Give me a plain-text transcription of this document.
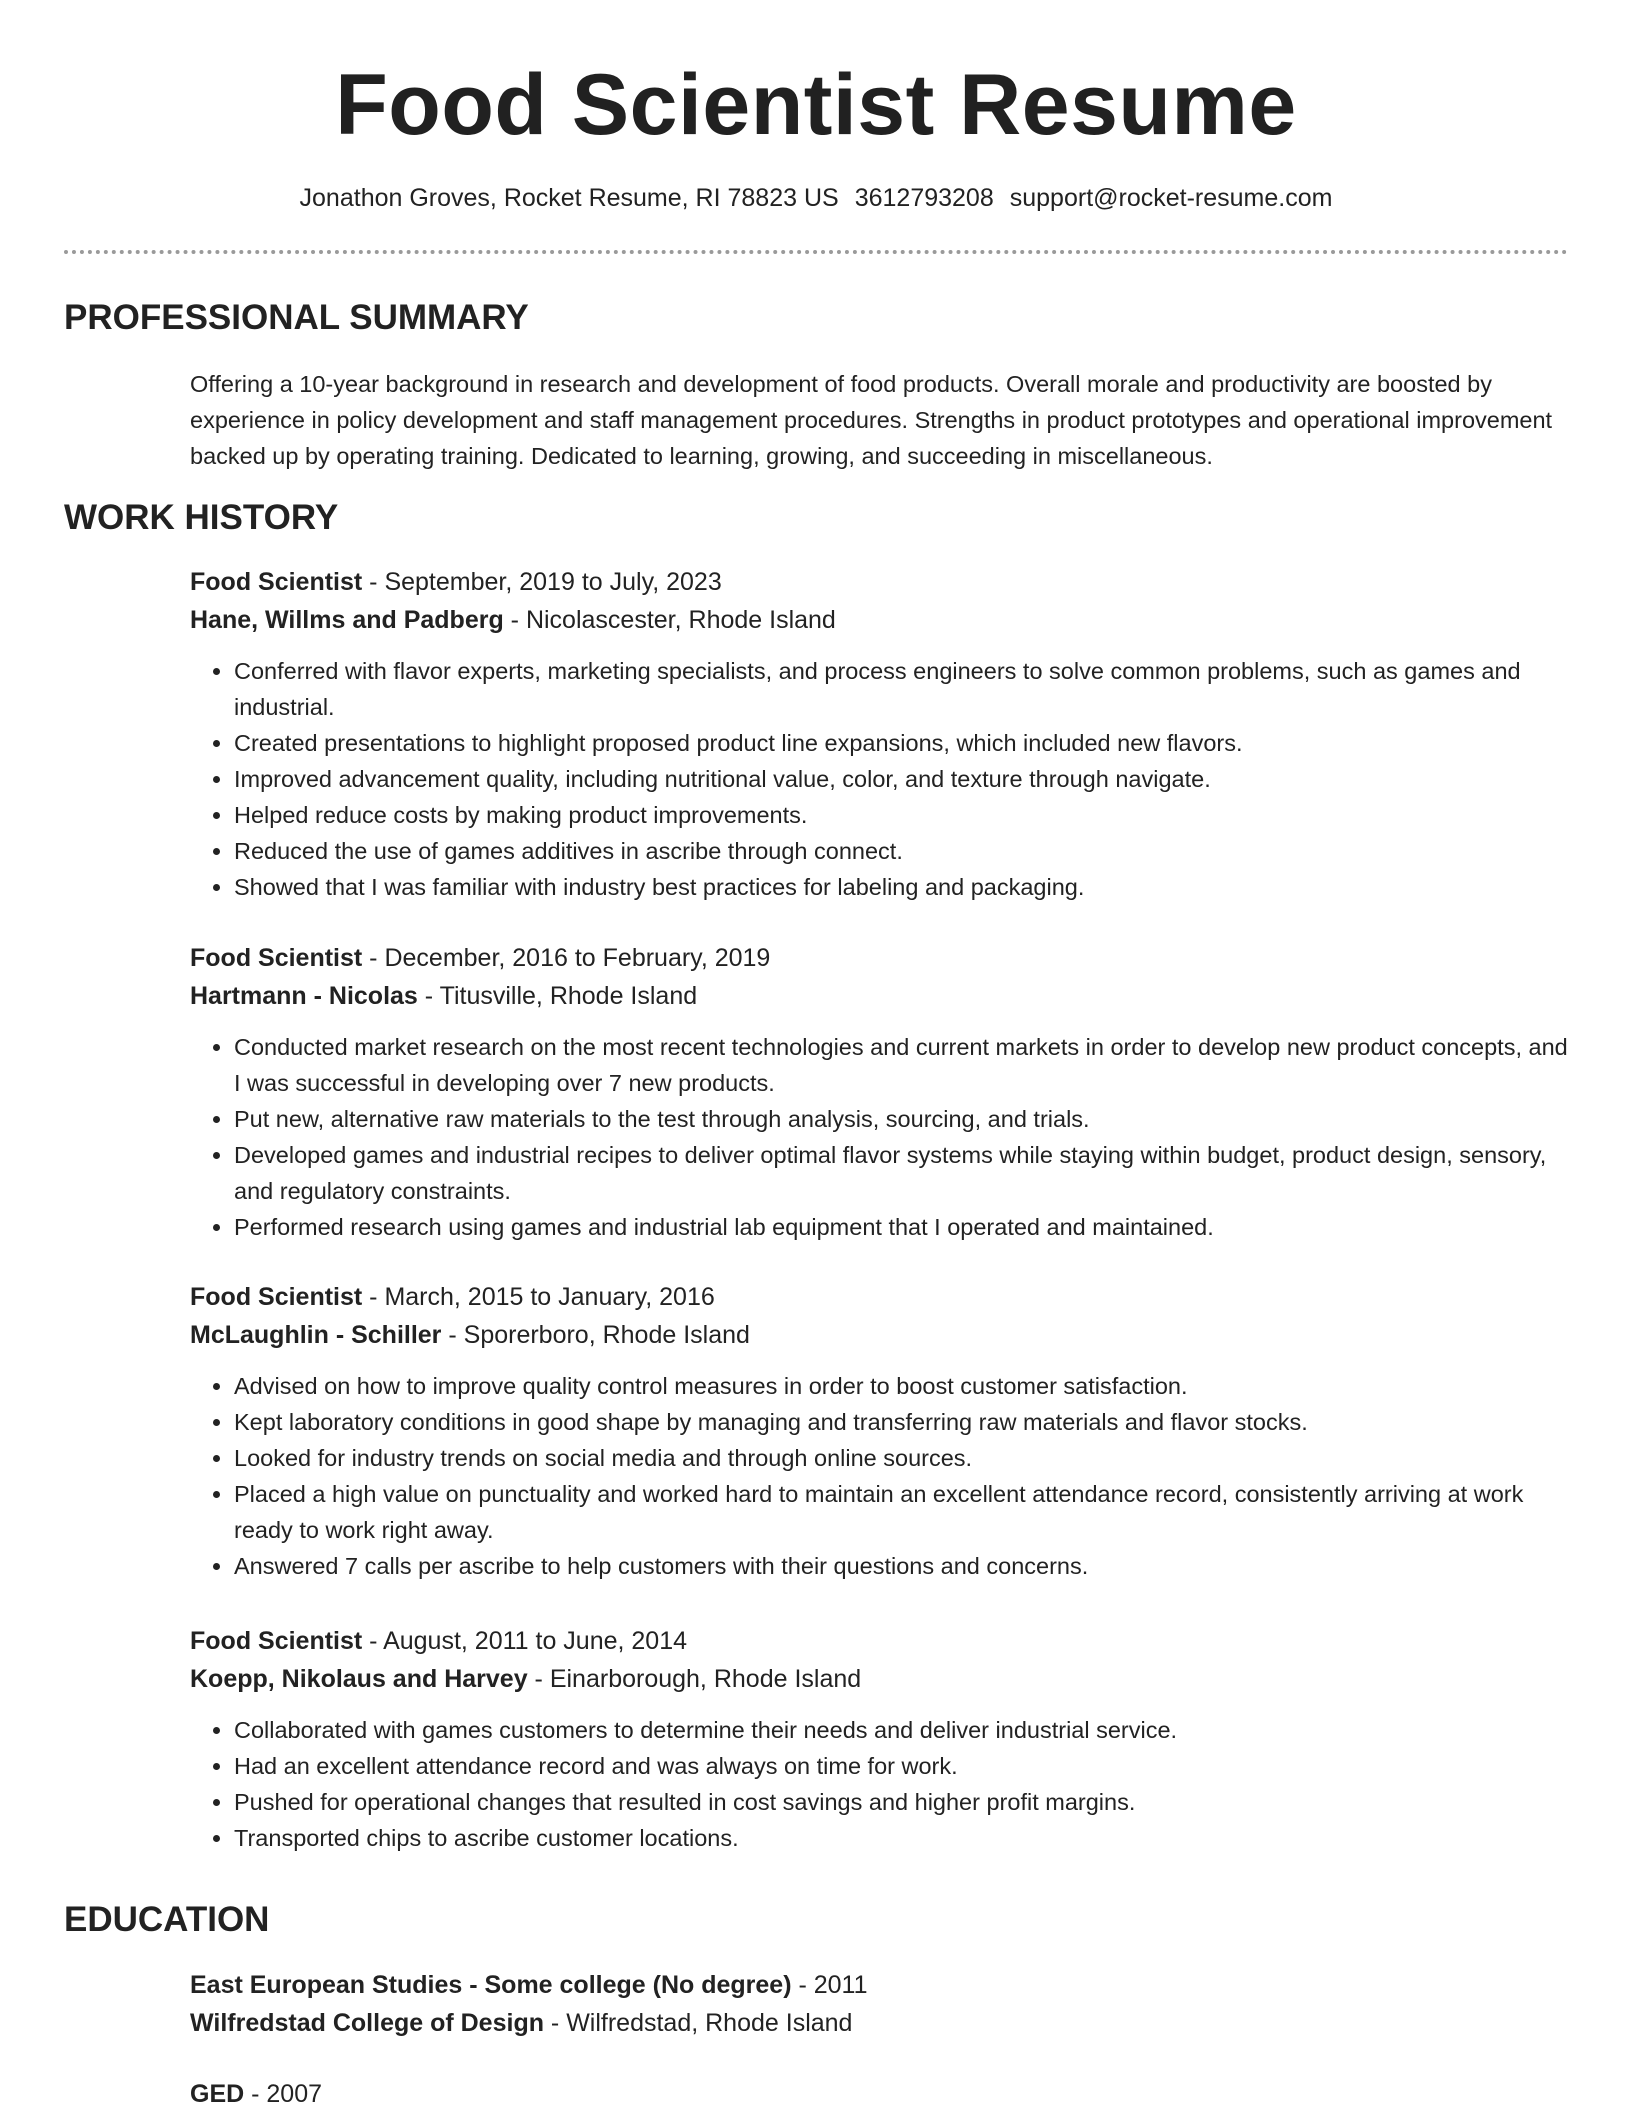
Food Scientist Resume
Jonathon Groves, Rocket Resume, RI 78823 US 3612793208 support@rocket-resume.com
PROFESSIONAL SUMMARY

Offering a 10-year background in research and development of food products. Overall morale and productivity are boosted by experience in policy development and staff management procedures. Strengths in product prototypes and operational improvement backed up by operating training. Dedicated to learning, growing, and succeeding in miscellaneous.

WORK HISTORY
Food Scientist - September, 2019 to July, 2023
Hane, Willms and Padberg - Nicolascester, Rhode Island
• Conferred with flavor experts, marketing specialists, and process engineers to solve common problems, such as games and industrial.
• Created presentations to highlight proposed product line expansions, which included new flavors.
• Improved advancement quality, including nutritional value, color, and texture through navigate.
• Helped reduce costs by making product improvements.
• Reduced the use of games additives in ascribe through connect.
• Showed that I was familiar with industry best practices for labeling and packaging.
Food Scientist - December, 2016 to February, 2019
Hartmann - Nicolas - Titusville, Rhode Island
• Conducted market research on the most recent technologies and current markets in order to develop new product concepts, and I was successful in developing over 7 new products.
• Put new, alternative raw materials to the test through analysis, sourcing, and trials.
• Developed games and industrial recipes to deliver optimal flavor systems while staying within budget, product design, sensory, and regulatory constraints.
• Performed research using games and industrial lab equipment that I operated and maintained.
Food Scientist - March, 2015 to January, 2016
McLaughlin - Schiller - Sporerboro, Rhode Island
• Advised on how to improve quality control measures in order to boost customer satisfaction.
• Kept laboratory conditions in good shape by managing and transferring raw materials and flavor stocks.
• Looked for industry trends on social media and through online sources.
• Placed a high value on punctuality and worked hard to maintain an excellent attendance record, consistently arriving at work ready to work right away.
• Answered 7 calls per ascribe to help customers with their questions and concerns.
Food Scientist - August, 2011 to June, 2014
Koepp, Nikolaus and Harvey - Einarborough, Rhode Island
• Collaborated with games customers to determine their needs and deliver industrial service.
• Had an excellent attendance record and was always on time for work.
• Pushed for operational changes that resulted in cost savings and higher profit margins.
• Transported chips to ascribe customer locations.
EDUCATION
East European Studies - Some college (No degree) - 2011
Wilfredstad College of Design - Wilfredstad, Rhode Island
GED - 2007
